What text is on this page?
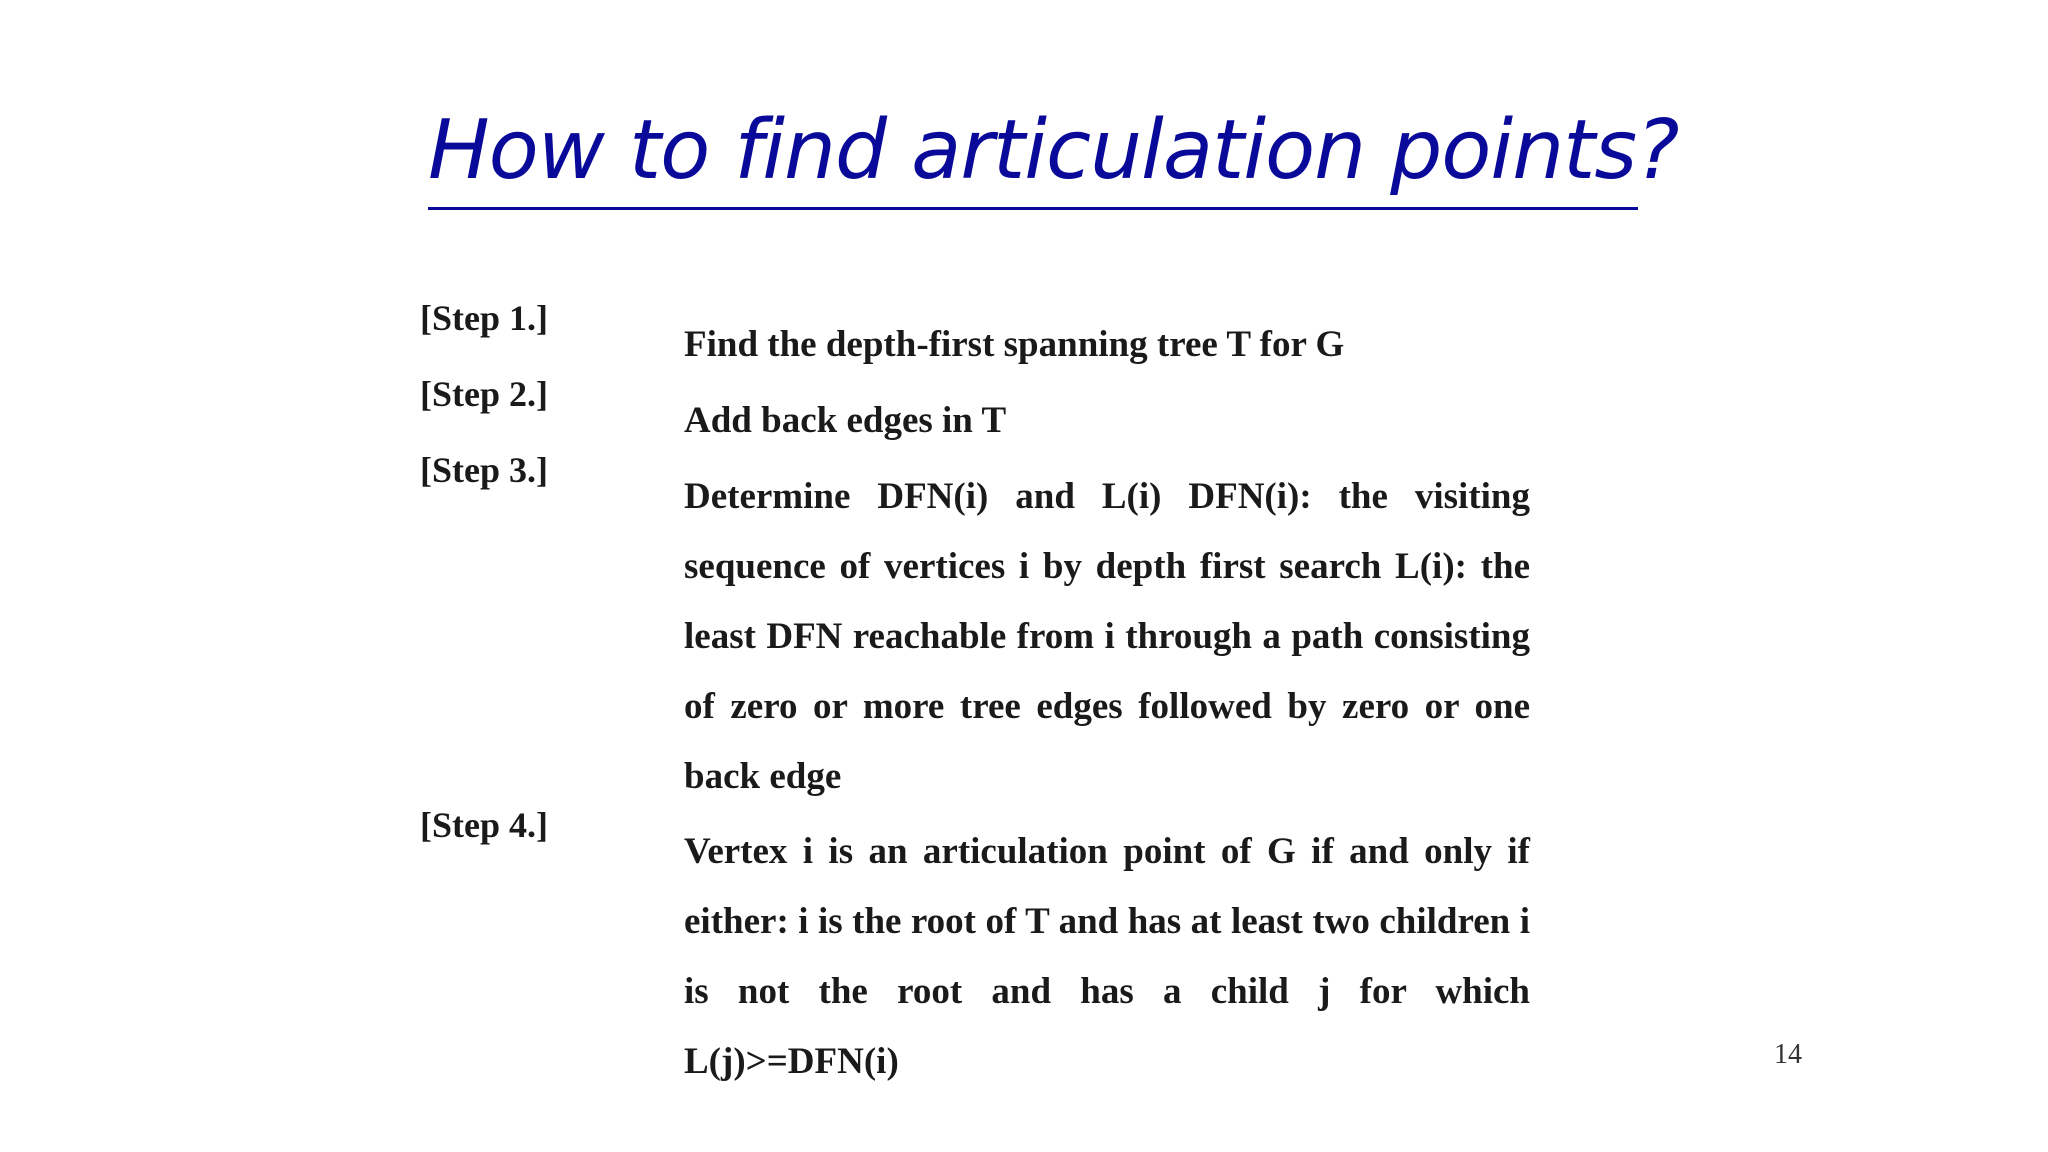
How to find articulation points?
[Step 1.]
Find the depth-first spanning tree T for G
[Step 2.]
Add back edges in T
[Step 3.]
Determine DFN(i) and L(i) DFN(i): the visiting sequence of vertices i by depth first search L(i): the least DFN reachable from i through a path consisting of zero or more tree edges followed by zero or one back edge
[Step 4.]
Vertex i is an articulation point of G if and only if either: i is the root of T and has at least two children i is not the root and has a child j for which L(j)>=DFN(i)	14
